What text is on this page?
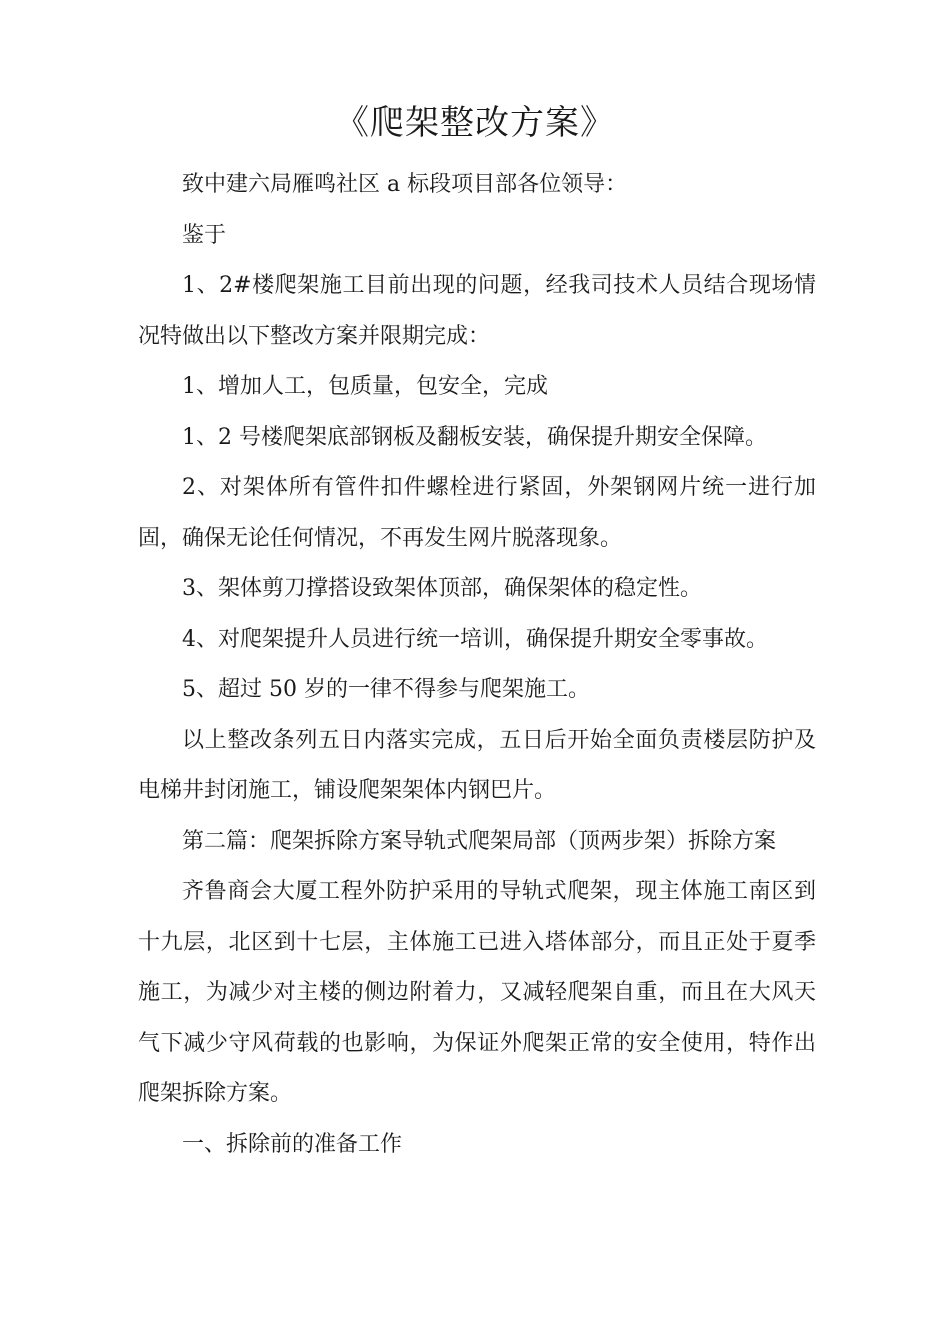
《爬架整改方案》

致中建六局雁鸣社区 a 标段项目部各位领导：

鉴于

1、2#楼爬架施工目前出现的问题，经我司技术人员结合现场情况特做出以下整改方案并限期完成：

1、增加人工，包质量，包安全，完成

1、2 号楼爬架底部钢板及翻板安装，确保提升期安全保障。

2、对架体所有管件扣件螺栓进行紧固，外架钢网片统一进行加固，确保无论任何情况，不再发生网片脱落现象。

3、架体剪刀撑搭设致架体顶部，确保架体的稳定性。

4、对爬架提升人员进行统一培训，确保提升期安全零事故。

5、超过 50 岁的一律不得参与爬架施工。

以上整改条列五日内落实完成，五日后开始全面负责楼层防护及电梯井封闭施工，铺设爬架架体内钢巴片。

第二篇：爬架拆除方案导轨式爬架局部（顶两步架）拆除方案

齐鲁商会大厦工程外防护采用的导轨式爬架，现主体施工南区到十九层，北区到十七层，主体施工已进入塔体部分，而且正处于夏季施工，为减少对主楼的侧边附着力，又减轻爬架自重，而且在大风天气下减少守风荷载的也影响，为保证外爬架正常的安全使用，特作出爬架拆除方案。

一、拆除前的准备工作
